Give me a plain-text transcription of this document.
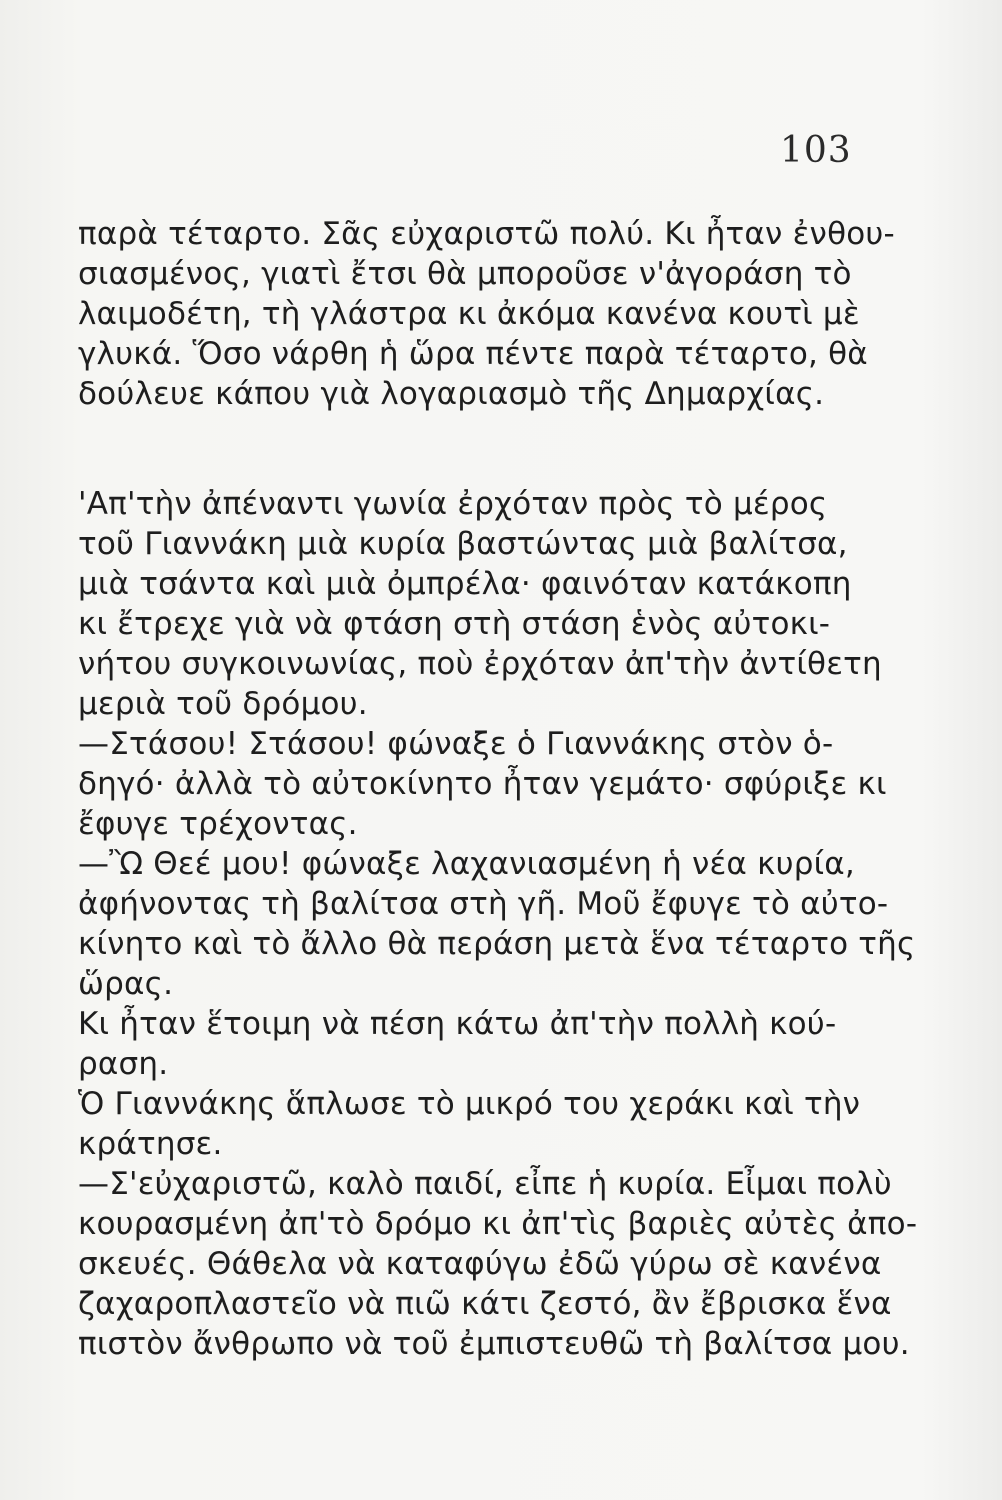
103
παρὰ τέταρτο. Σᾶς εὐχαριστῶ πολύ. Κι ἦταν ἐνθου-
σιασμένος, γιατὶ ἔτσι θὰ μποροῦσε ν'ἀγοράση τὸ
λαιμοδέτη, τὴ γλάστρα κι ἀκόμα κανένα κουτὶ μὲ
γλυκά. Ὅσο νάρθη ἡ ὥρα πέντε παρὰ τέταρτο, θὰ
δούλευε κάπου γιὰ λογαριασμὸ τῆς Δημαρχίας.
'Απ'τὴν ἀπέναντι γωνία ἐρχόταν πρὸς τὸ μέρος
τοῦ Γιαννάκη μιὰ κυρία βαστώντας μιὰ βαλίτσα,
μιὰ τσάντα καὶ μιὰ ὀμπρέλα· φαινόταν κατάκοπη
κι ἔτρεχε γιὰ νὰ φτάση στὴ στάση ἑνὸς αὐτοκι-
νήτου συγκοινωνίας, ποὺ ἐρχόταν ἀπ'τὴν ἀντίθετη
μεριὰ τοῦ δρόμου.
—Στάσου! Στάσου! φώναξε ὁ Γιαννάκης στὸν ὁ-
δηγό· ἀλλὰ τὸ αὐτοκίνητο ἦταν γεμάτο· σφύριξε κι
ἔφυγε τρέχοντας.
—Ὢ Θεέ μου! φώναξε λαχανιασμένη ἡ νέα κυρία,
ἀφήνοντας τὴ βαλίτσα στὴ γῆ. Μοῦ ἔφυγε τὸ αὐτο-
κίνητο καὶ τὸ ἄλλο θὰ περάση μετὰ ἕνα τέταρτο τῆς
ὥρας.
Κι ἦταν ἕτοιμη νὰ πέση κάτω ἀπ'τὴν πολλὴ κού-
ραση.
Ὁ Γιαννάκης ἅπλωσε τὸ μικρό του χεράκι καὶ τὴν
κράτησε.
—Σ'εὐχαριστῶ, καλὸ παιδί, εἶπε ἡ κυρία. Εἶμαι πολὺ
κουρασμένη ἀπ'τὸ δρόμο κι ἀπ'τὶς βαριὲς αὐτὲς ἀπο-
σκευές. Θάθελα νὰ καταφύγω ἐδῶ γύρω σὲ κανένα
ζαχαροπλαστεῖο νὰ πιῶ κάτι ζεστό, ἂν ἔβρισκα ἕνα
πιστὸν ἄνθρωπο νὰ τοῦ ἐμπιστευθῶ τὴ βαλίτσα μου.
